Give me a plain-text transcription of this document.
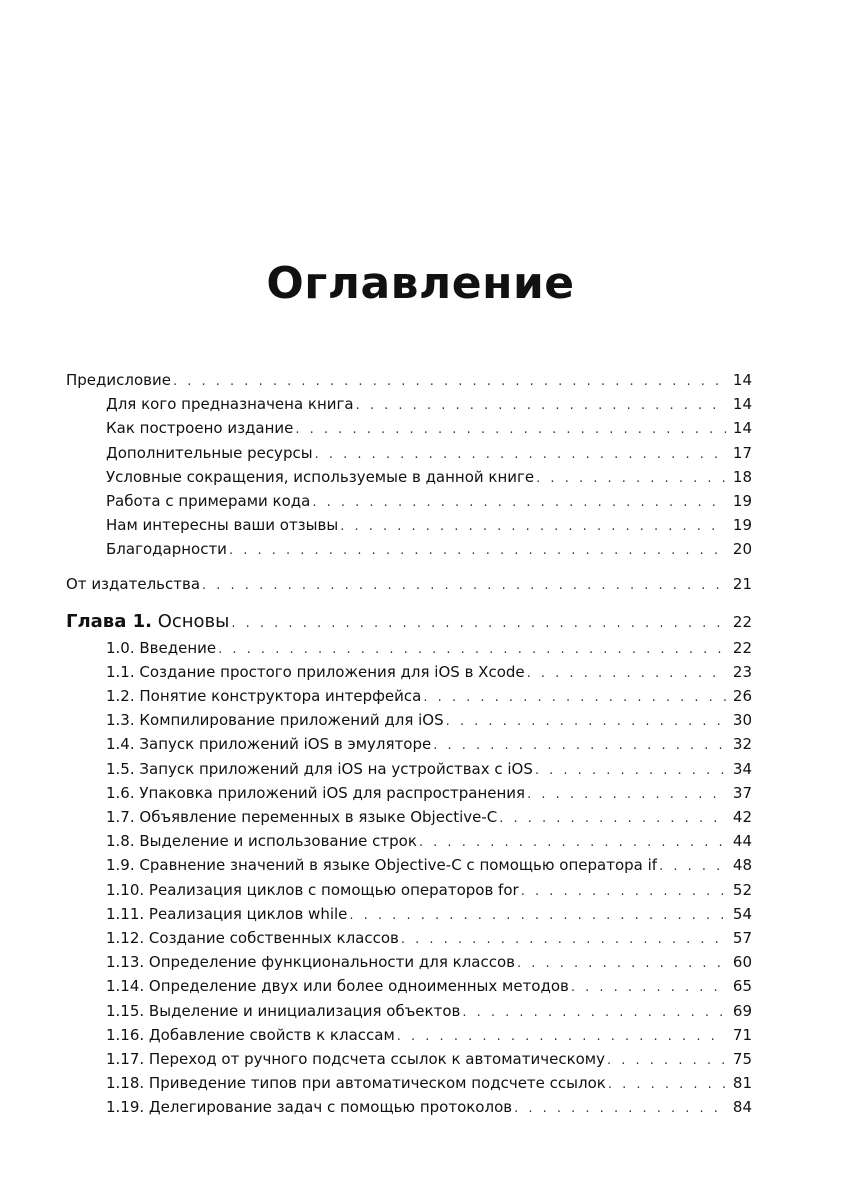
Оглавление
Предисловие . . .	14
Для кого предназначена книга . . .	14
Как построено издание . . .	14
Дополнительные ресурсы . . .	17
Условные сокращения, используемые в данной книге . . .	18
Работа с примерами кода . . .	19
Нам интересны ваши отзывы . . .	19
Благодарности . . .	20
От издательства . . .	21
Глава 1. Основы . . .	22
1.0. Введение . . .	22
1.1. Создание простого приложения для iOS в Xcode . . .	23
1.2. Понятие конструктора интерфейса . . .	26
1.3. Компилирование приложений для iOS . . .	30
1.4. Запуск приложений iOS в эмуляторе . . .	32
1.5. Запуск приложений для iOS на устройствах с iOS . . .	34
1.6. Упаковка приложений iOS для распространения . . .	37
1.7. Объявление переменных в языке Objective-C . . .	42
1.8. Выделение и использование строк . . .	44
1.9. Сравнение значений в языке Objective-C с помощью оператора if . . .	48
1.10. Реализация циклов с помощью операторов for . . .	52
1.11. Реализация циклов while . . .	54
1.12. Создание собственных классов . . .	57
1.13. Определение функциональности для классов . . .	60
1.14. Определение двух или более одноименных методов . . .	65
1.15. Выделение и инициализация объектов . . .	69
1.16. Добавление свойств к классам . . .	71
1.17. Переход от ручного подсчета ссылок к автоматическому . . .	75
1.18. Приведение типов при автоматическом подсчете ссылок . . .	81
1.19. Делегирование задач с помощью протоколов . . .	84
